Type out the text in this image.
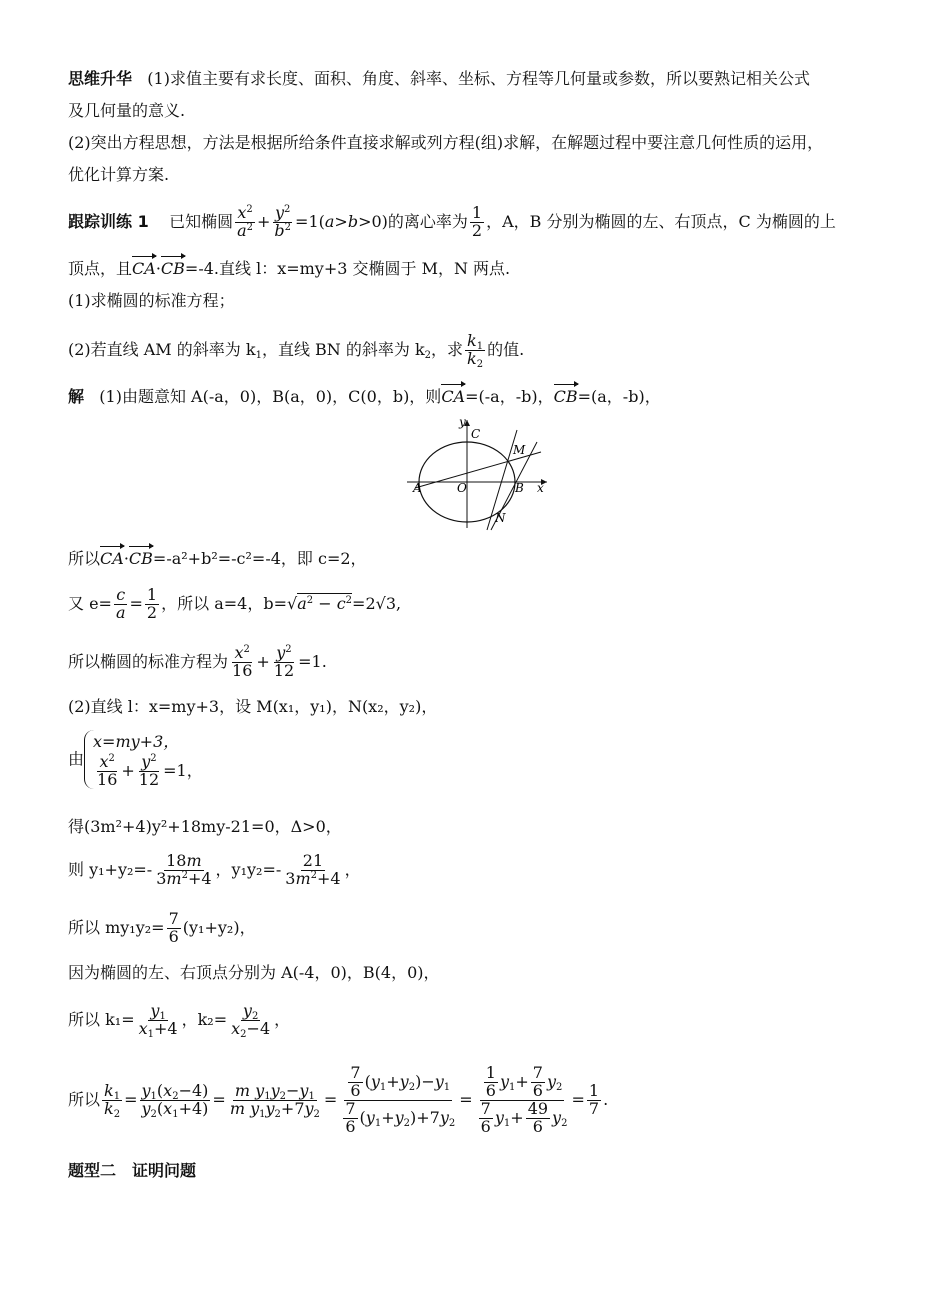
思维升华 (1)求值主要有求长度、面积、角度、斜率、坐标、方程等几何量或参数，所以要熟记相关公式
及几何量的意义.
(2)突出方程思想，方法是根据所给条件直接求解或列方程(组)求解，在解题过程中要注意几何性质的运用，
优化计算方案.
跟踪训练 1 已知椭圆 $\frac{x^2}{a^2} + \frac{y^2}{b^2} =1(a>b>0)$的离心率为 $\frac{1}{2}$ ，A，B 分别为椭圆的左、右顶点，C 为椭圆的上
顶点，且CA·CB=-4.直线 l：x=my+3 交椭圆于 M，N 两点.
(1)求椭圆的标准方程；
(2)若直线 AM 的斜率为 $k_1$，直线 BN 的斜率为 $k_2$，求 $\frac{k_1}{k_2}$ 的值.
解 (1)由题意知 A(-a，0)，B(a，0)，C(0，b)，则CA=(-a，-b)，CB=(a，-b)，
y
C
M
A	O	B x
N
所以CA·CB=-a²+b²=-c²=-4，即 c=2，
又 $e= \frac{c}{a} = \frac{1}{2}$ ，所以 a=4，$b=√a^2 - c^2=2√3$,
所以椭圆的标准方程为 $\frac{x^2}{16} + \frac{y^2}{12} =1$.
(2)直线 l：x=my+3，设 M(x₁，y₁)，N(x₂，y₂)，
由
x=my+3，
$\frac{x^2}{16} + \frac{y^2}{12} =1$，
得(3m²+4)y²+18my-21=0，Δ>0，
则 $y_1+y_2=- \frac{18m}{3m^2+4}$ ，$y_1y_2=- \frac{21}{3m^2+4}$ ，
所以 $my_1y_2= \frac{7}{6} (y_1+y_2)$，
因为椭圆的左、右顶点分别为 A(-4，0)，B(4，0)，
所以 $k_1= \frac{y_1}{x_1+4}$ ，$k_2= \frac{y_2}{x_2-4}$ ，
所以 $\frac{k_1}{k_2} = \frac{y_1(x_2-4)}{y_2(x_1+4)} = \frac{m y_1y_2-y_1}{m y_1y_2+7y_2} = \frac{\frac{7}{6} (y_1+y_2)-y_1}{\frac{7}{6} (y_1+y_2)+7y_2} = \frac{\frac{1}{6} y_1+ \frac{7}{6} y_2}{\frac{7}{6} y_1+ \frac{49}{6} y_2} = \frac{1}{7}$ .
题型二　证明问题
